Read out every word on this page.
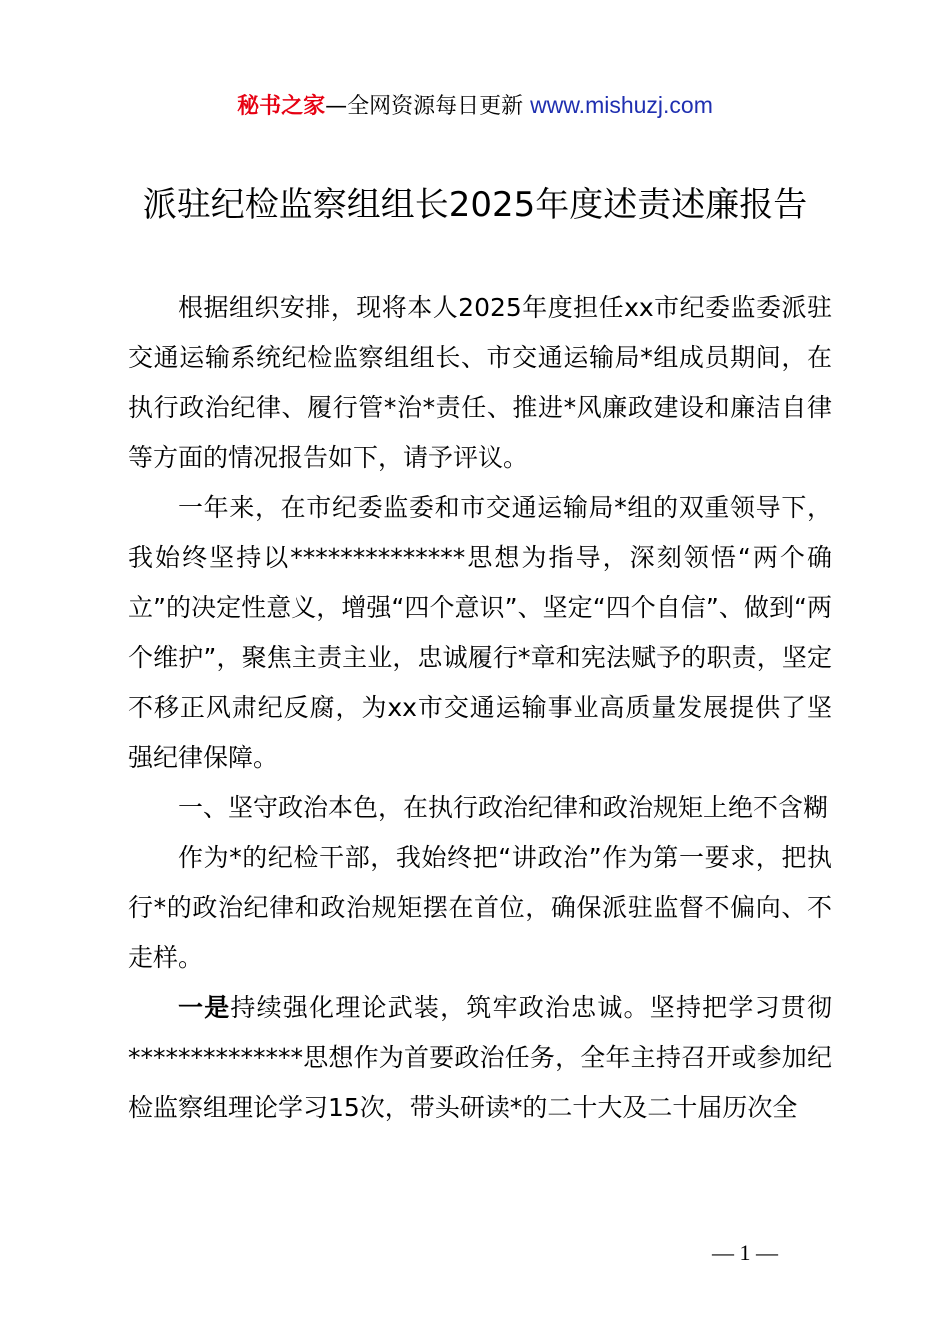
秘书之家—全网资源每日更新 www.mishuzj.com
派驻纪检监察组组长2025年度述责述廉报告

根据组织安排，现将本人2025年度担任xx市纪委监委派驻交通运输系统纪检监察组组长、市交通运输局*组成员期间，在执行政治纪律、履行管*治*责任、推进*风廉政建设和廉洁自律等方面的情况报告如下，请予评议。

一年来，在市纪委监委和市交通运输局*组的双重领导下，我始终坚持以**************思想为指导，深刻领悟“两个确立”的决定性意义，增强“四个意识”、坚定“四个自信”、做到“两个维护”，聚焦主责主业，忠诚履行*章和宪法赋予的职责，坚定不移正风肃纪反腐，为xx市交通运输事业高质量发展提供了坚强纪律保障。

一、坚守政治本色，在执行政治纪律和政治规矩上绝不含糊

作为*的纪检干部，我始终把“讲政治”作为第一要求，把执行*的政治纪律和政治规矩摆在首位，确保派驻监督不偏向、不走样。

一是持续强化理论武装，筑牢政治忠诚。坚持把学习贯彻**************思想作为首要政治任务，全年主持召开或参加纪检监察组理论学习15次，带头研读*的二十大及二十届历次全

— 1 —
